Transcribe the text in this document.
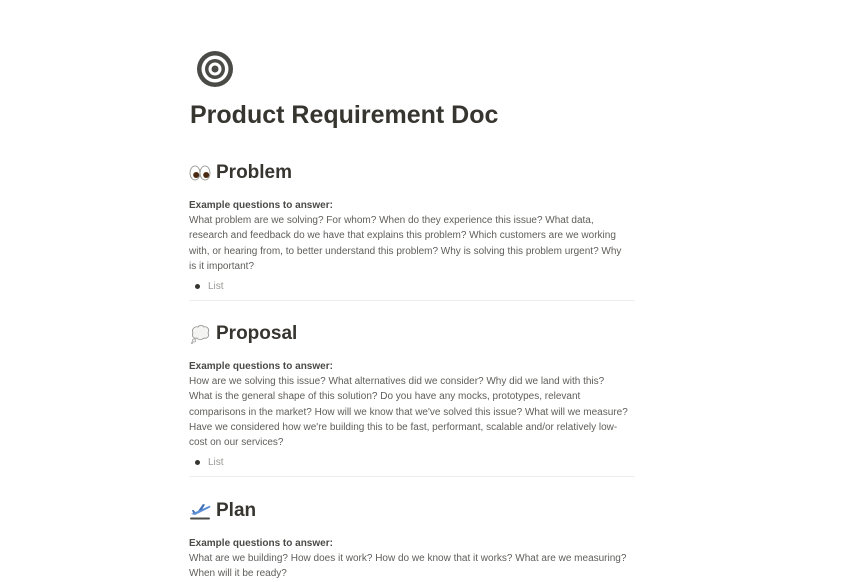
Product Requirement Doc
Problem
Example questions to answer:
What problem are we solving? For whom? When do they experience this issue? What data, research and feedback do we have that explains this problem? Which customers are we working with, or hearing from, to better understand this problem? Why is solving this problem urgent? Why is it important?
List
Proposal
Example questions to answer:
How are we solving this issue? What alternatives did we consider? Why did we land with this? What is the general shape of this solution? Do you have any mocks, prototypes, relevant comparisons in the market? How will we know that we've solved this issue? What will we measure? Have we considered how we're building this to be fast, performant, scalable and/or relatively low-cost on our services?
List
Plan
Example questions to answer:
What are we building? How does it work? How do we know that it works? What are we measuring? When will it be ready?
